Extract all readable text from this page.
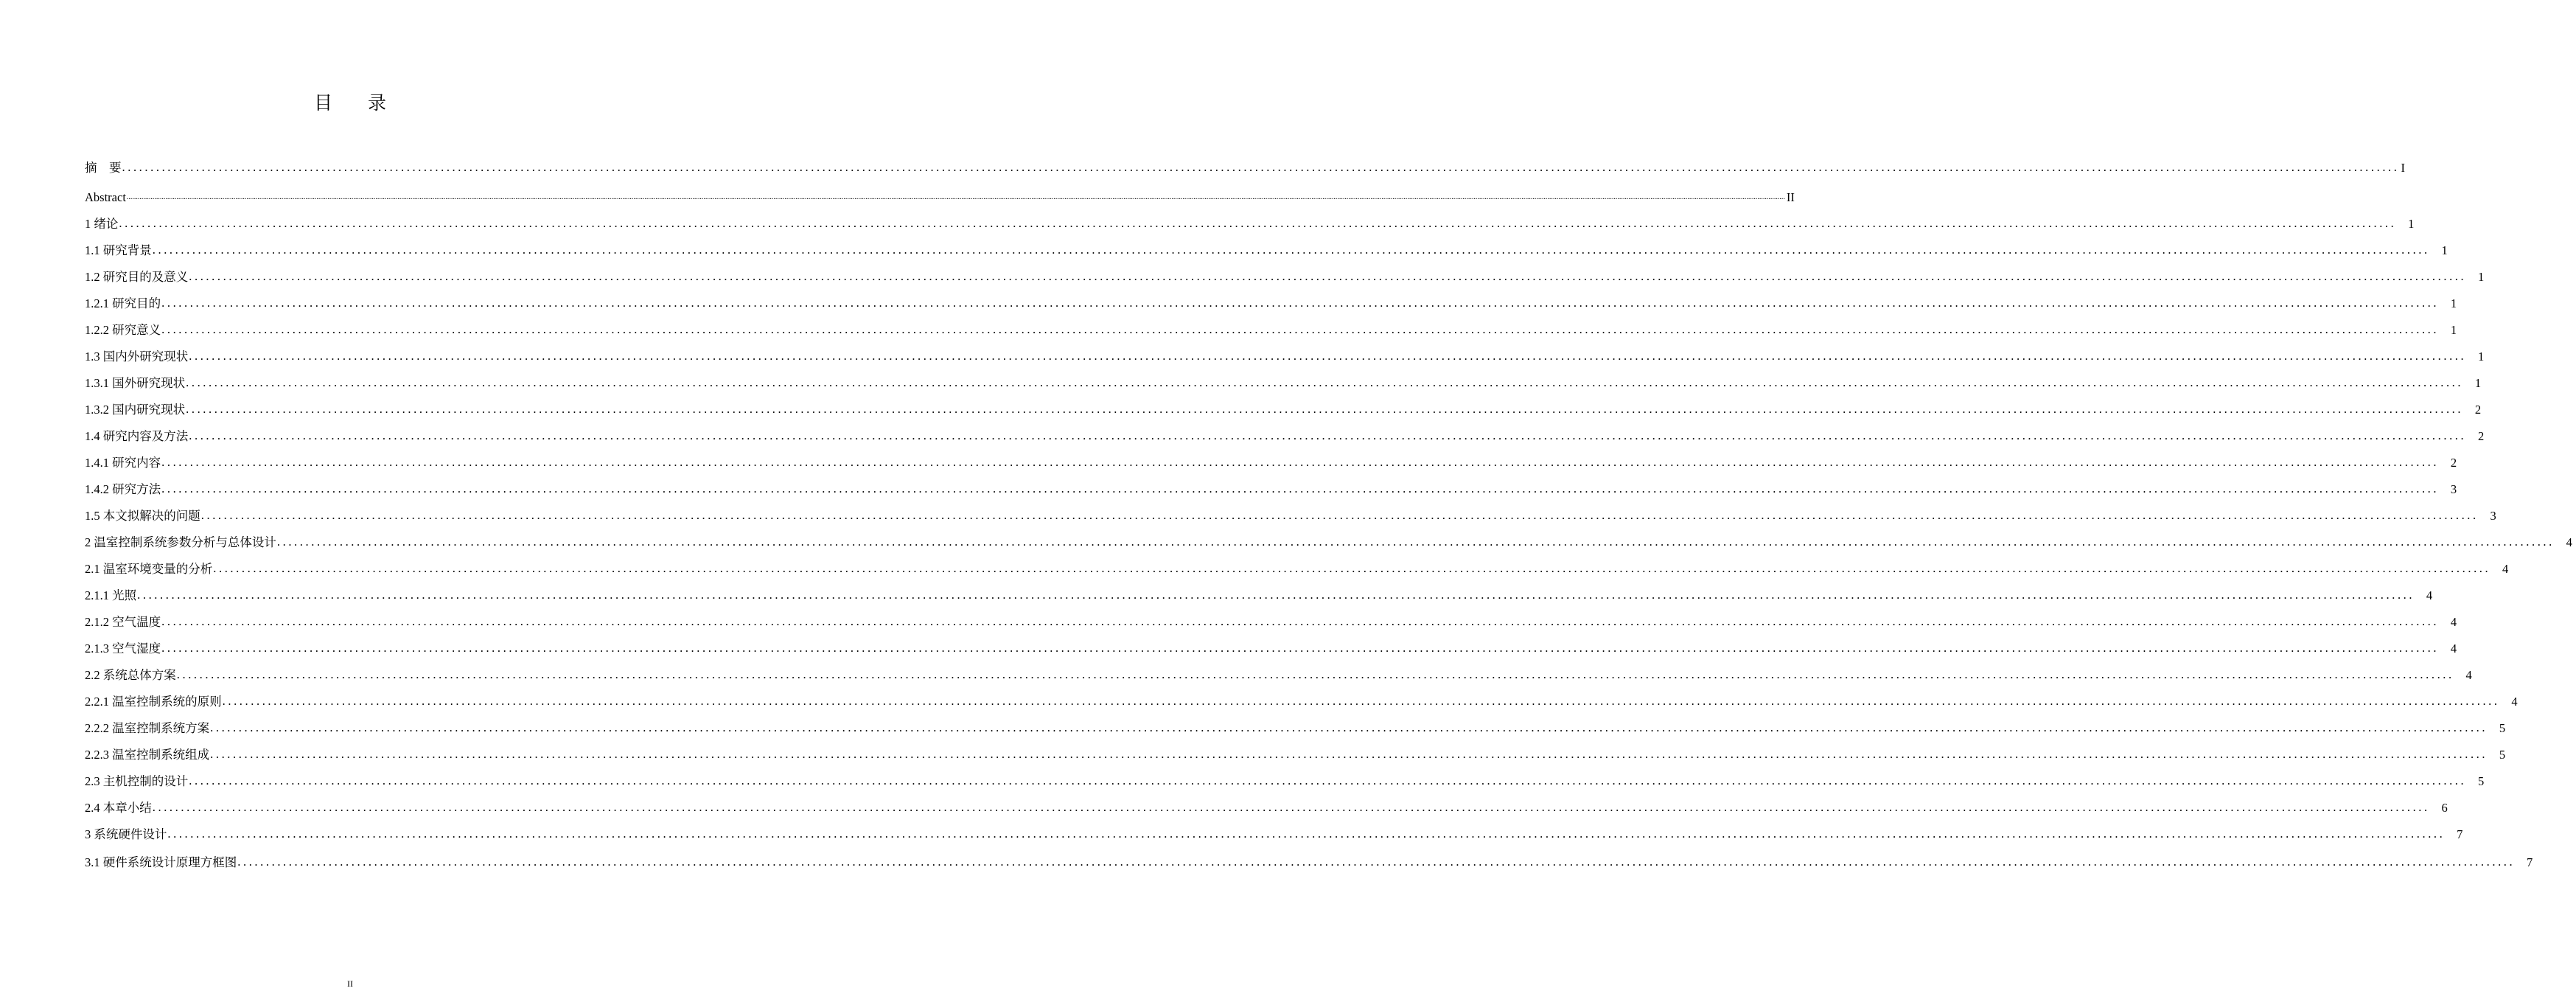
目 录
摘　要 ................................................................................................................................................................................................................................................................................................................................................................................................................ I
Abstract .................................................................................................................................................................................................................................................................................................................................................................................................................................................................................................................................................................................................................................................................................................................................................................................................................................................................................................................................... II
1 绪论 ................................................................................................................................................................................................................................................................................................................................................................................................................ 1
1.1 研究背景 ................................................................................................................................................................................................................................................................................................................................................................................................................ 1
1.2 研究目的及意义 ................................................................................................................................................................................................................................................................................................................................................................................................................ 1
1.2.1 研究目的 ................................................................................................................................................................................................................................................................................................................................................................................................................ 1
1.2.2 研究意义 ................................................................................................................................................................................................................................................................................................................................................................................................................ 1
1.3 国内外研究现状 ................................................................................................................................................................................................................................................................................................................................................................................................................ 1
1.3.1 国外研究现状 ................................................................................................................................................................................................................................................................................................................................................................................................................ 1
1.3.2 国内研究现状 ................................................................................................................................................................................................................................................................................................................................................................................................................ 2
1.4 研究内容及方法 ................................................................................................................................................................................................................................................................................................................................................................................................................ 2
1.4.1 研究内容 ................................................................................................................................................................................................................................................................................................................................................................................................................ 2
1.4.2 研究方法 ................................................................................................................................................................................................................................................................................................................................................................................................................ 3
1.5 本文拟解决的问题 ................................................................................................................................................................................................................................................................................................................................................................................................................ 3
2 温室控制系统参数分析与总体设计 ................................................................................................................................................................................................................................................................................................................................................................................................................ 4
2.1 温室环境变量的分析 ................................................................................................................................................................................................................................................................................................................................................................................................................ 4
2.1.1 光照 ................................................................................................................................................................................................................................................................................................................................................................................................................ 4
2.1.2 空气温度 ................................................................................................................................................................................................................................................................................................................................................................................................................ 4
2.1.3 空气湿度 ................................................................................................................................................................................................................................................................................................................................................................................................................ 4
2.2 系统总体方案 ................................................................................................................................................................................................................................................................................................................................................................................................................ 4
2.2.1 温室控制系统的原则 ................................................................................................................................................................................................................................................................................................................................................................................................................ 4
2.2.2 温室控制系统方案 ................................................................................................................................................................................................................................................................................................................................................................................................................ 5
2.2.3 温室控制系统组成 ................................................................................................................................................................................................................................................................................................................................................................................................................ 5
2.3 主机控制的设计 ................................................................................................................................................................................................................................................................................................................................................................................................................ 5
2.4 本章小结 ................................................................................................................................................................................................................................................................................................................................................................................................................ 6
3 系统硬件设计 ................................................................................................................................................................................................................................................................................................................................................................................................................ 7
3.1 硬件系统设计原理方框图 ................................................................................................................................................................................................................................................................................................................................................................................................................ 7
II
